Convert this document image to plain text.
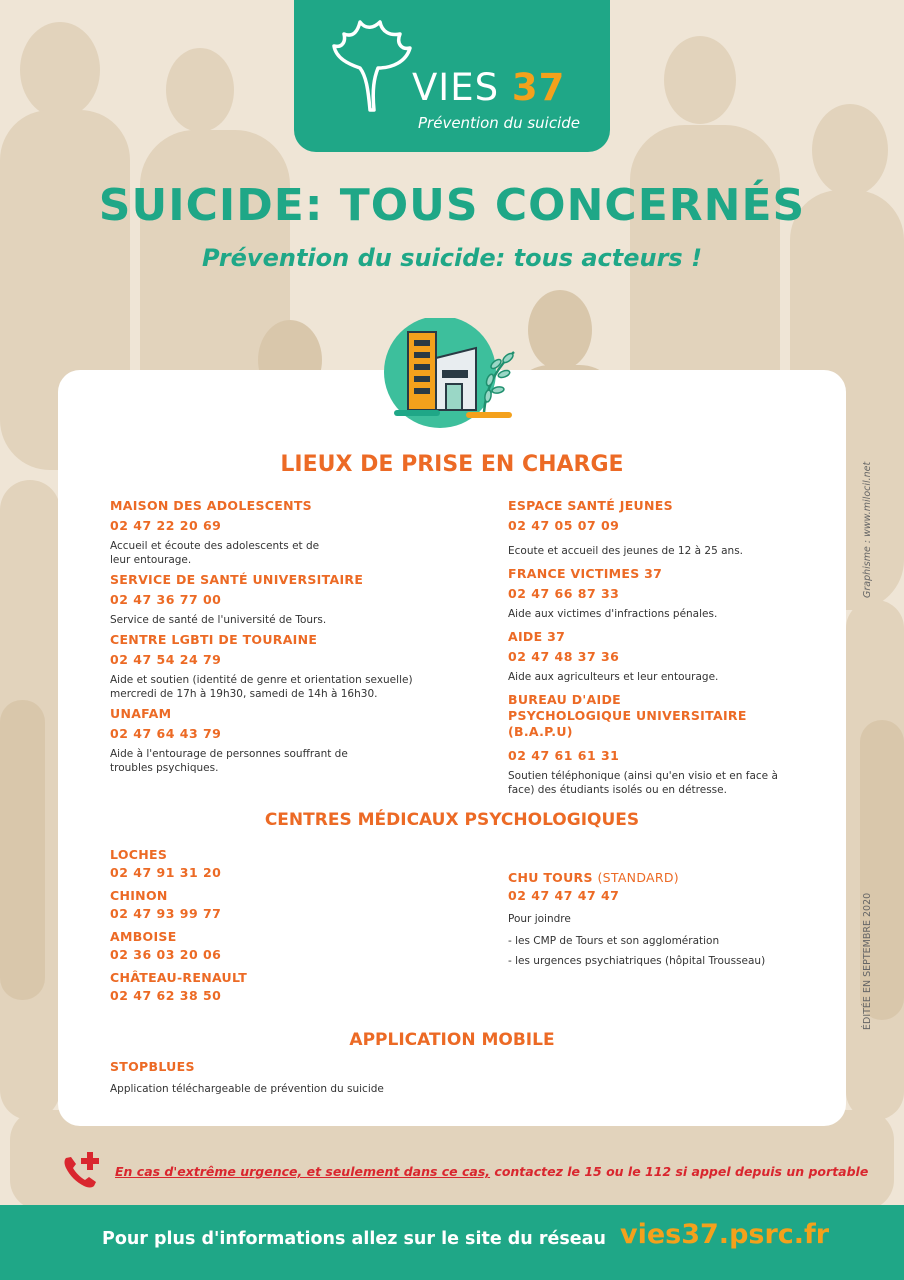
VIES 37
Prévention du suicide
SUICIDE: TOUS CONCERNÉS
Prévention du suicide: tous acteurs !
LIEUX DE PRISE EN CHARGE
MAISON DES ADOLESCENTS
02 47 22 20 69
Accueil et écoute des adolescents et de leur entourage.
SERVICE DE SANTÉ UNIVERSITAIRE
02 47 36 77 00
Service de santé de l'université de Tours.
CENTRE LGBTI DE TOURAINE
02 47 54 24 79
Aide et soutien (identité de genre et orientation sexuelle) mercredi de 17h à 19h30, samedi de 14h à 16h30.
UNAFAM
02 47 64 43 79
Aide à l'entourage de personnes souffrant de troubles psychiques.
ESPACE SANTÉ JEUNES
02 47 05 07 09
Ecoute et accueil des jeunes de 12 à 25 ans.
FRANCE VICTIMES 37
02 47 66 87 33
Aide aux victimes d'infractions pénales.
AIDE 37
02 47 48 37 36
Aide aux agriculteurs et leur entourage.
BUREAU D'AIDE PSYCHOLOGIQUE UNIVERSITAIRE (B.A.P.U)
02 47 61 61 31
Soutien téléphonique (ainsi qu'en visio et en face à face) des étudiants isolés ou en détresse.
CENTRES MÉDICAUX PSYCHOLOGIQUES
LOCHES
02 47 91 31 20
CHINON
02 47 93 99 77
AMBOISE
02 36 03 20 06
CHÂTEAU-RENAULT
02 47 62 38 50
CHU TOURS (STANDARD)
02 47 47 47 47
Pour joindre
- les CMP de Tours et son agglomération
- les urgences psychiatriques (hôpital Trousseau)
APPLICATION MOBILE
STOPBLUES
Application téléchargeable de prévention du suicide
Graphisme : www.milocil.net
ÉDITÉE EN SEPTEMBRE 2020
En cas d'extrême urgence, et seulement dans ce cas, contactez le 15 ou le 112 si appel depuis un portable
Pour plus d'informations allez sur le site du réseau vies37.psrc.fr
